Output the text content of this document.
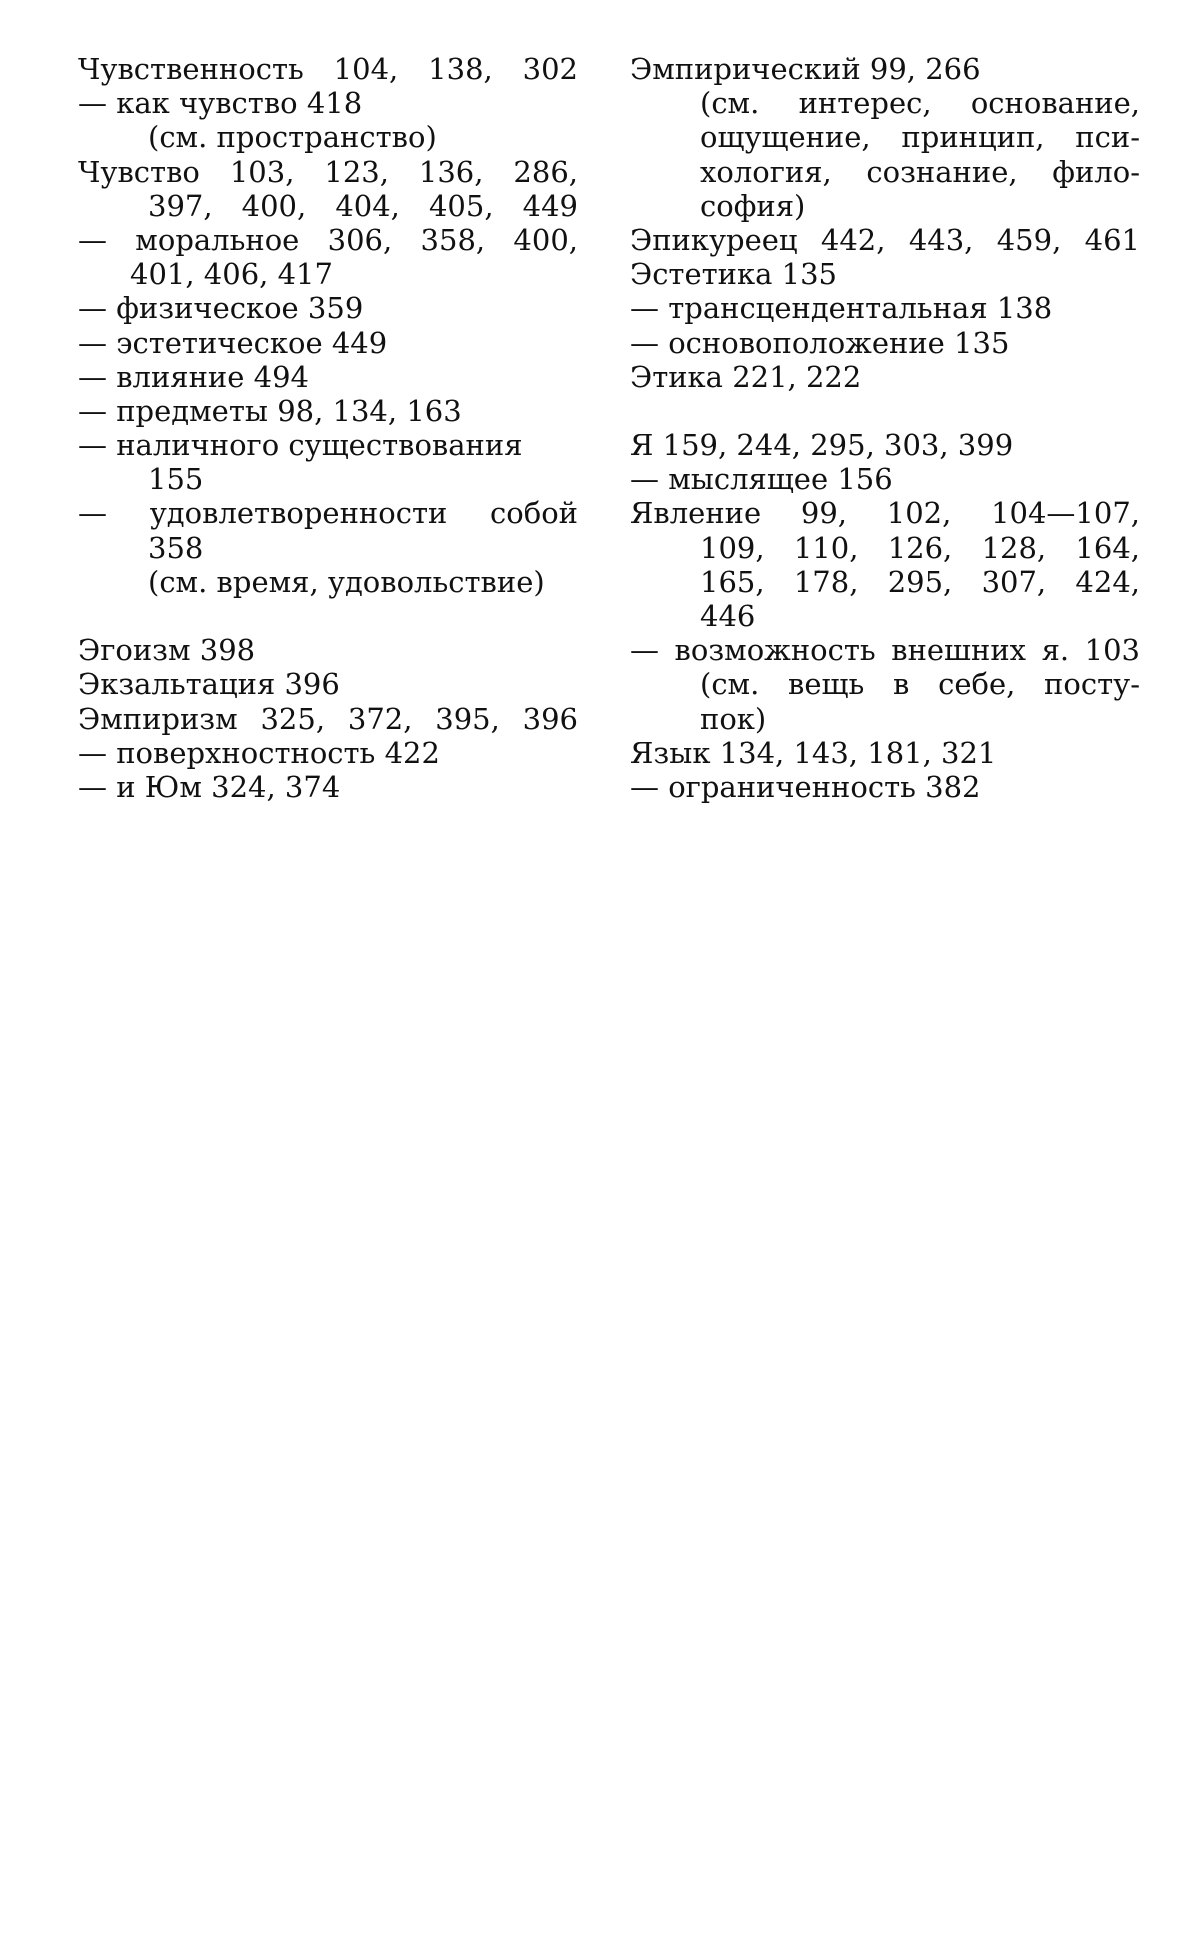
Чувственность 104, 138, 302
— как чувство 418
(см. пространство)
Чувство 103, 123, 136, 286,
397, 400, 404, 405, 449
— моральное 306, 358, 400,
401, 406, 417
— физическое 359
— эстетическое 449
— влияние 494
— предметы 98, 134, 163
— наличного существования
155
— удовлетворенности собой
358
(см. время, удовольствие)
Эгоизм 398
Экзальтация 396
Эмпиризм 325, 372, 395, 396
— поверхностность 422
— и Юм 324, 374
Эмпирический 99, 266
(см. интерес, основание,
ощущение, принцип, пси-
хология, сознание, фило-
софия)
Эпикуреец 442, 443, 459, 461
Эстетика 135
— трансцендентальная 138
— основоположение 135
Этика 221, 222
Я 159, 244, 295, 303, 399
— мыслящее 156
Явление 99, 102, 104—107,
109, 110, 126, 128, 164,
165, 178, 295, 307, 424,
446
— возможность внешних я. 103
(см. вещь в себе, посту-
пок)
Язык 134, 143, 181, 321
— ограниченность 382
